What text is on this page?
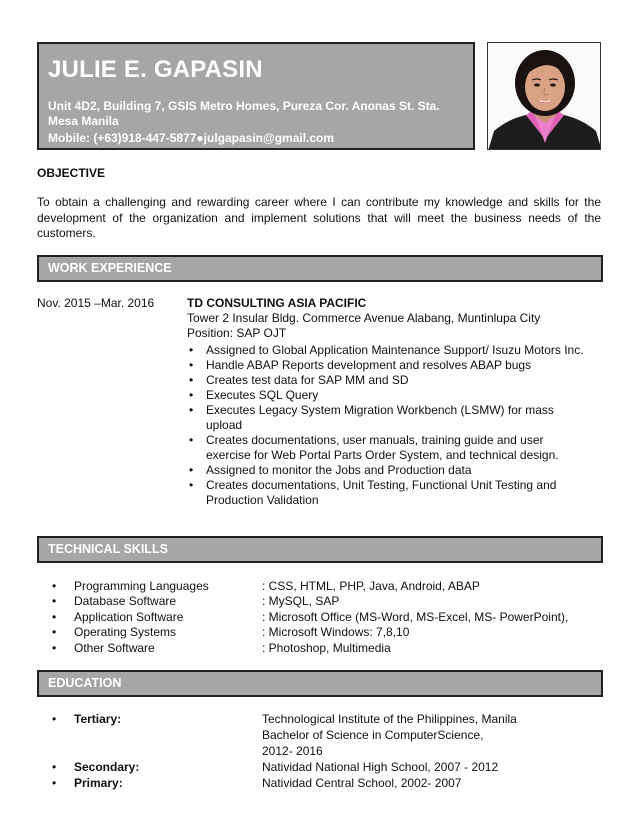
JULIE E. GAPASIN
Unit 4D2, Building 7, GSIS Metro Homes, Pureza Cor. Anonas St. Sta. Mesa Manila
Mobile: (+63)918-447-5877●julgapasin@gmail.com
OBJECTIVE
To obtain a challenging and rewarding career where I can contribute my knowledge and skills for the development of the organization and implement solutions that will meet the business needs of the customers.
WORK EXPERIENCE
Nov. 2015 –Mar. 2016	TD CONSULTING ASIA PACIFIC
Tower 2 Insular Bldg. Commerce Avenue Alabang, Muntinlupa City
Position: SAP OJT
• Assigned to Global Application Maintenance Support/ Isuzu Motors Inc.
• Handle ABAP Reports development and resolves ABAP bugs
• Creates test data for SAP MM and SD
• Executes SQL Query
• Executes Legacy System Migration Workbench (LSMW) for mass upload
• Creates documentations, user manuals, training guide and user exercise for Web Portal Parts Order System, and technical design.
• Assigned to monitor the Jobs and Production data
• Creates documentations, Unit Testing, Functional Unit Testing and Production Validation
TECHNICAL SKILLS
• Programming Languages	: CSS, HTML, PHP, Java, Android, ABAP
• Database Software	: MySQL, SAP
• Application Software	: Microsoft Office (MS-Word, MS-Excel, MS- PowerPoint),
• Operating Systems	: Microsoft Windows: 7,8,10
• Other Software	: Photoshop, Multimedia
EDUCATION
• Tertiary:	Technological Institute of the Philippines, Manila
Bachelor of Science in ComputerScience,
2012- 2016
• Secondary:	Natividad National High School, 2007 - 2012
• Primary:	Natividad Central School, 2002- 2007
